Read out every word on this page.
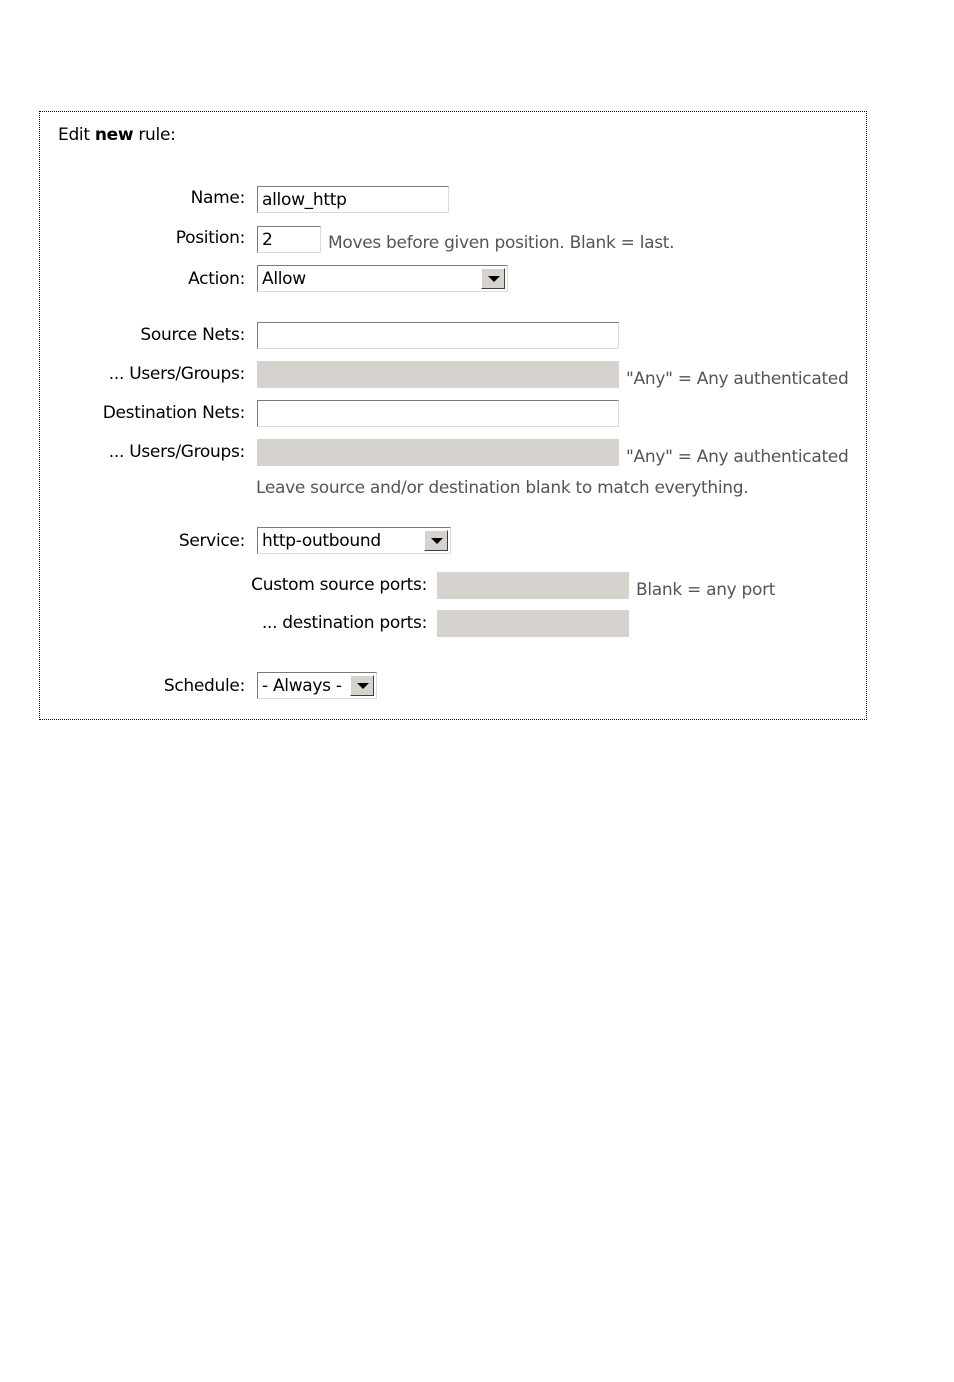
Edit new rule:
Name: allow_http
Position: 2	Moves before given position. Blank = last.
Action: Allow
Source Nets:
... Users/Groups:	"Any" = Any authenticated
Destination Nets:
... Users/Groups:	"Any" = Any authenticated
Leave source and/or destination blank to match everything.
Service: http-outbound
Custom source ports:	Blank = any port
... destination ports:
Schedule: - Always -
